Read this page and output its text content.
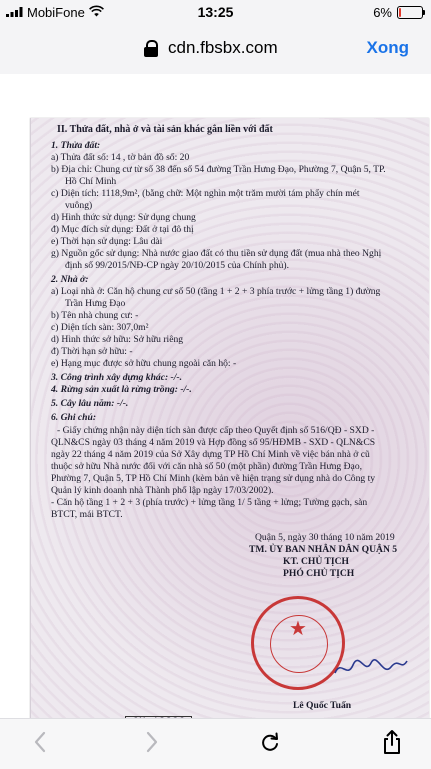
MobiFone	13:25	6%
cdn.fbsbx.com	Xong
II. Thửa đất, nhà ở và tài sản khác gắn liền với đất
1. Thửa đất:
a) Thửa đất số: 14 , tờ bản đồ số: 20
b) Địa chỉ: Chung cư từ số 38 đến số 54 đường Trần Hưng Đạo, Phường 7, Quận 5, TP.
Hồ Chí Minh
c) Diện tích: 1118,9m², (bằng chữ: Một nghìn một trăm mười tám phẩy chín mét
vuông)
d) Hình thức sử dụng: Sử dụng chung
đ) Mục đích sử dụng: Đất ở tại đô thị
e) Thời hạn sử dụng: Lâu dài
g) Nguồn gốc sử dụng: Nhà nước giao đất có thu tiền sử dụng đất (mua nhà theo Nghị
định số 99/2015/NĐ-CP ngày 20/10/2015 của Chính phủ).
2. Nhà ở:
a) Loại nhà ở: Căn hộ chung cư số 50 (tầng 1 + 2 + 3 phía trước + lửng tầng 1) đường
Trần Hưng Đạo
b) Tên nhà chung cư: -
c) Diện tích sàn: 307,0m²
d) Hình thức sở hữu: Sở hữu riêng
đ) Thời hạn sở hữu: -
e) Hạng mục được sở hữu chung ngoài căn hộ: -
3. Công trình xây dựng khác: -/-.
4. Rừng sản xuất là rừng trồng: -/-.
5. Cây lâu năm: -/-.
6. Ghi chú:
- Giấy chứng nhận này diện tích sàn được cấp theo Quyết định số 516/QĐ - SXD -
QLN&CS ngày 03 tháng 4 năm 2019 và Hợp đồng số 95/HĐMB - SXD - QLN&CS
ngày 22 tháng 4 năm 2019 của Sở Xây dựng TP Hồ Chí Minh về việc bán nhà ở cũ
thuộc sở hữu Nhà nước đối với căn nhà số 50 (một phần) đường Trần Hưng Đạo,
Phường 7, Quận 5, TP Hồ Chí Minh (kèm bản vẽ hiện trạng sử dụng nhà do Công ty
Quản lý kinh doanh nhà Thành phố lập ngày 17/03/2002).
- Căn hộ tầng 1 + 2 + 3 (phía trước) + lửng tầng 1/ 5 tầng + lửng; Tường gạch, sàn
BTCT, mái BTCT.
Quận 5, ngày 30 tháng 10 năm 2019
TM. ỦY BAN NHÂN DÂN QUẬN 5
KT. CHỦ TỊCH
PHÓ CHỦ TỊCH
★
Lê Quốc Tuấn
